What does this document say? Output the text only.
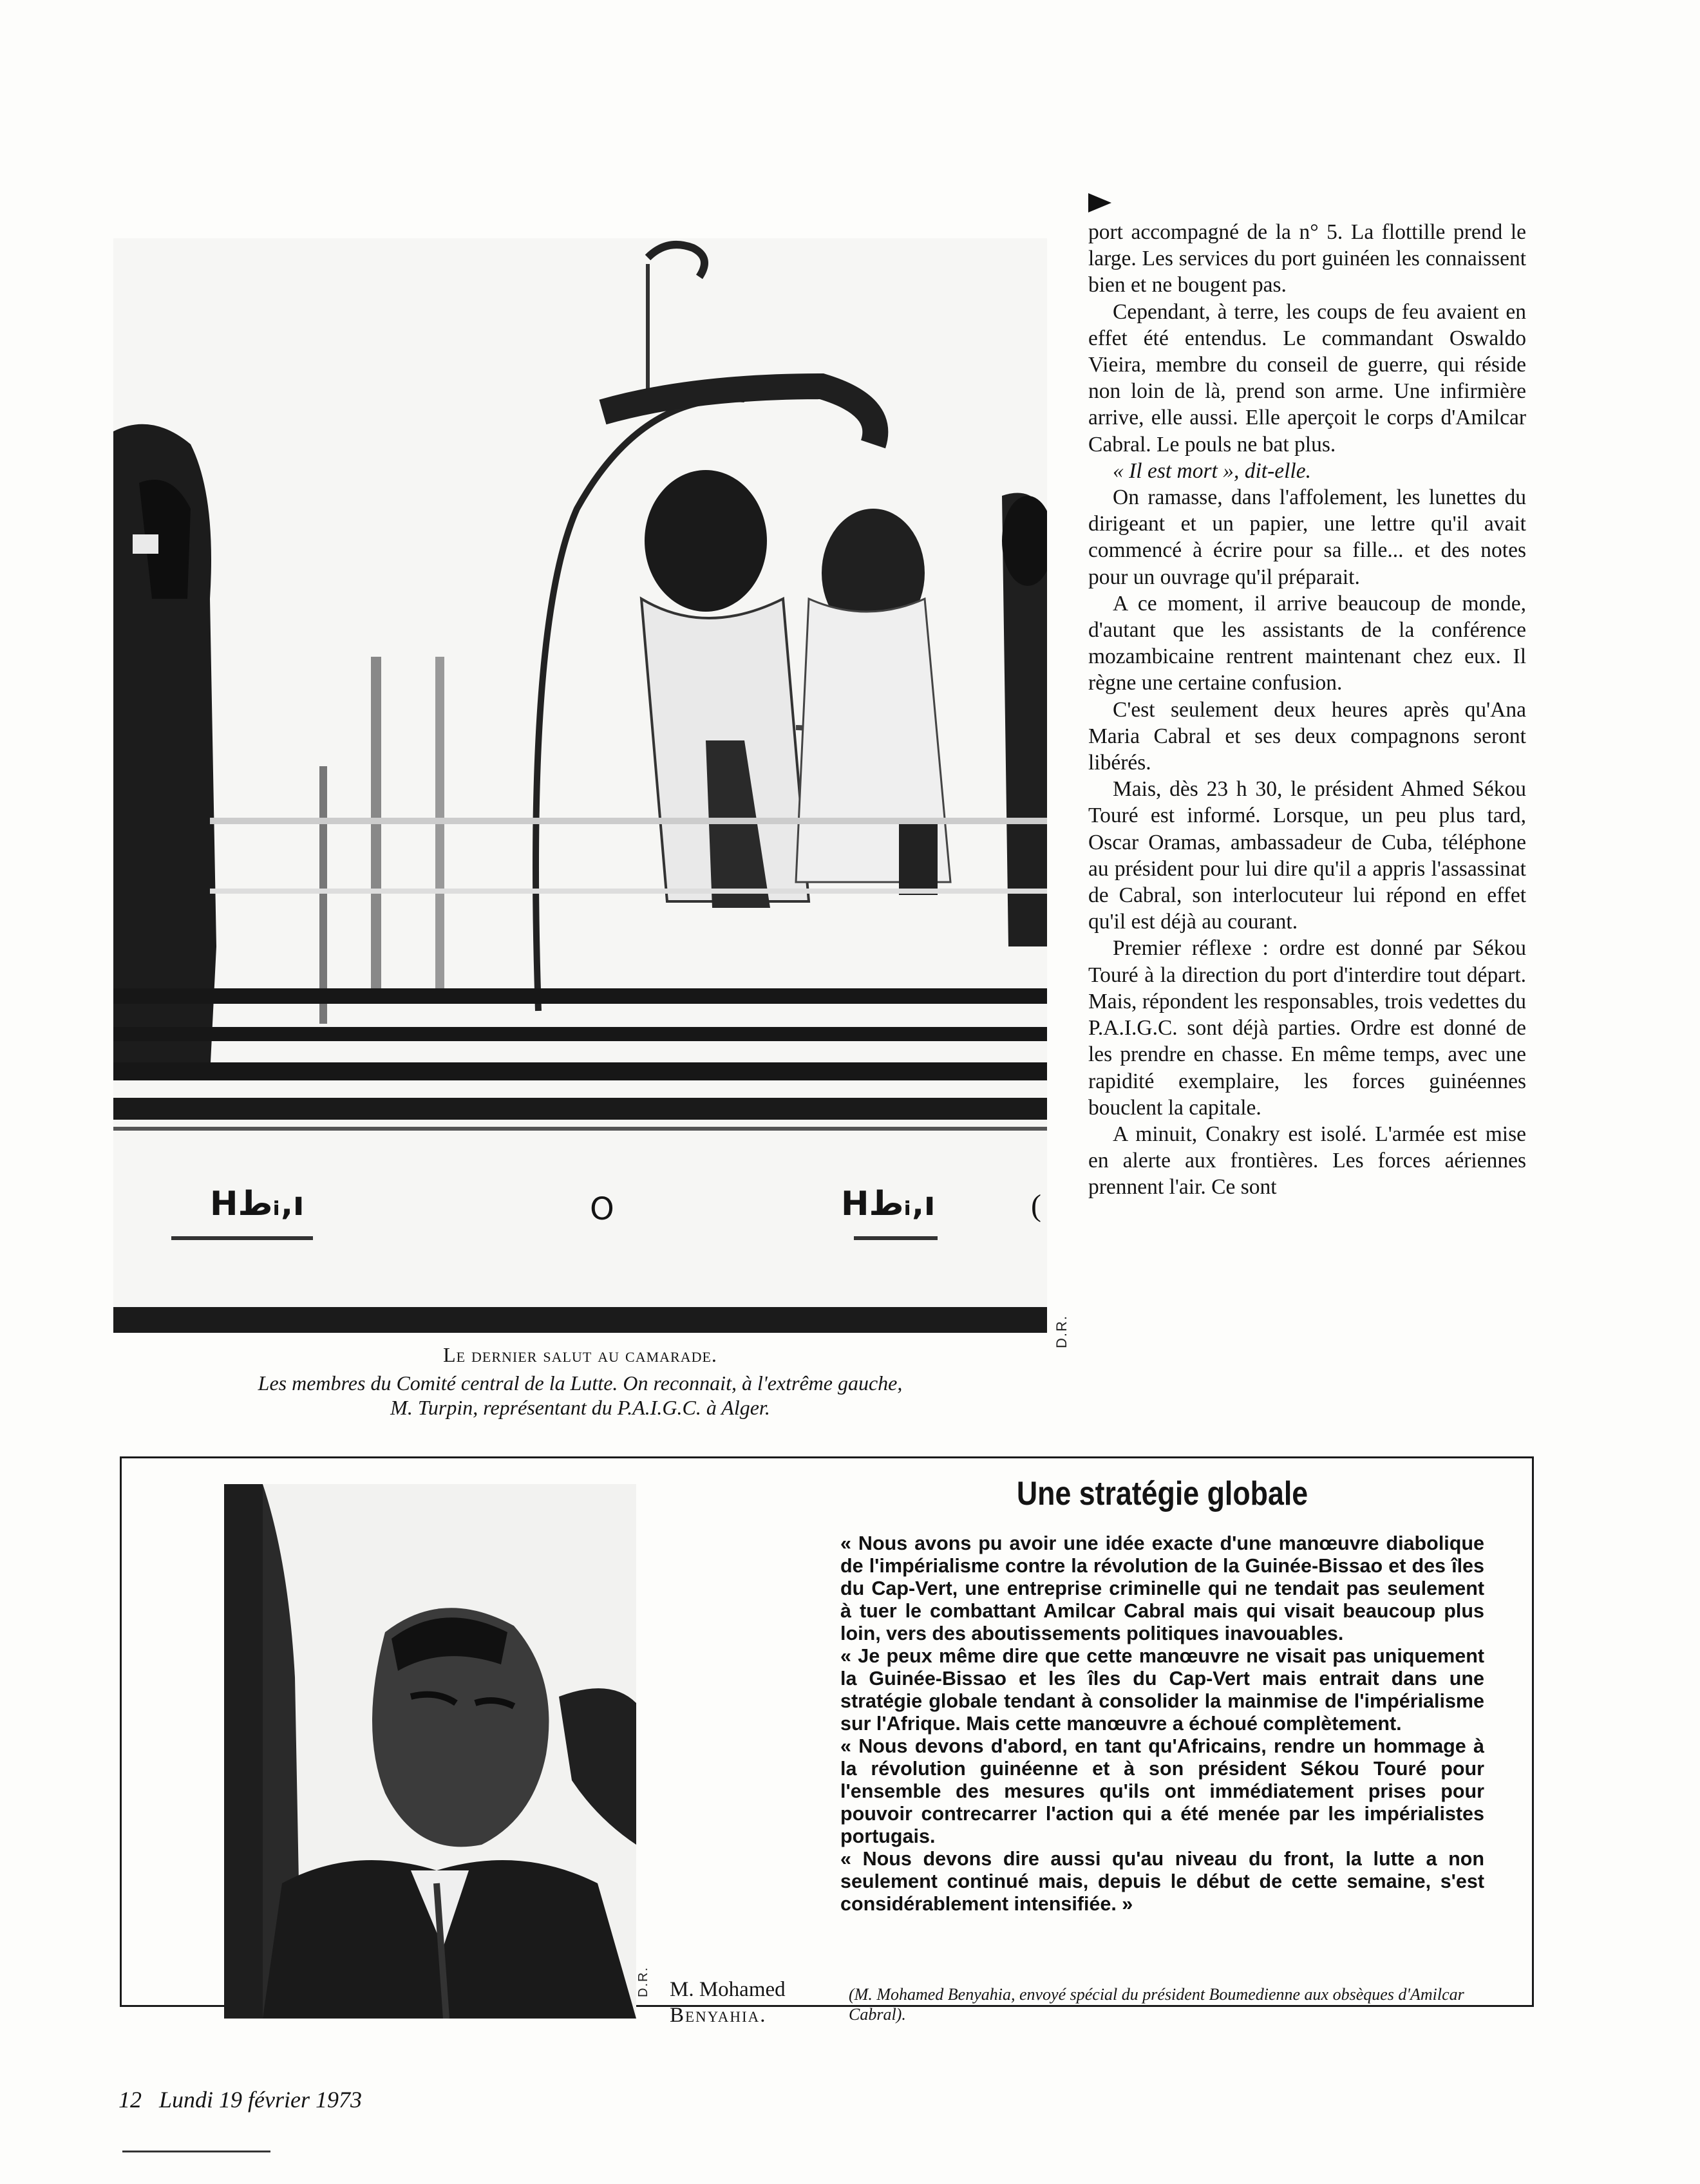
Hطᵢ‚ı	O	Hطᵢ‚ı	(
D.R.
Le dernier salut au camarade.
Les membres du Comité central de la Lutte. On reconnait, à l'extrême gauche,
M. Turpin, représentant du P.A.I.G.C. à Alger.

port accompagné de la n° 5. La flottille prend le large. Les services du port guinéen les connaissent bien et ne bougent pas.

Cependant, à terre, les coups de feu avaient en effet été entendus. Le commandant Oswaldo Vieira, membre du conseil de guerre, qui réside non loin de là, prend son arme. Une infirmière arrive, elle aussi. Elle aperçoit le corps d'Amilcar Cabral. Le pouls ne bat plus.

« Il est mort », dit-elle.

On ramasse, dans l'affolement, les lunettes du dirigeant et un papier, une lettre qu'il avait commencé à écrire pour sa fille... et des notes pour un ouvrage qu'il préparait.

A ce moment, il arrive beaucoup de monde, d'autant que les assistants de la conférence mozambicaine rentrent maintenant chez eux. Il règne une certaine confusion.

C'est seulement deux heures après qu'Ana Maria Cabral et ses deux compagnons seront libérés.

Mais, dès 23 h 30, le président Ahmed Sékou Touré est informé. Lorsque, un peu plus tard, Oscar Oramas, ambassadeur de Cuba, téléphone au président pour lui dire qu'il a appris l'assassinat de Cabral, son interlocuteur lui répond en effet qu'il est déjà au courant.

Premier réflexe : ordre est donné par Sékou Touré à la direction du port d'interdire tout départ. Mais, répondent les responsables, trois vedettes du P.A.I.G.C. sont déjà parties. Ordre est donné de les prendre en chasse. En même temps, avec une rapidité exemplaire, les forces guinéennes bouclent la capitale.

A minuit, Conakry est isolé. L'armée est mise en alerte aux frontières. Les forces aériennes prennent l'air. Ce sont

D.R. M. Mohamed
Benyahia.
Une stratégie globale

« Nous avons pu avoir une idée exacte d'une manœuvre diabolique de l'impérialisme contre la révolution de la Guinée-Bissao et des îles du Cap-Vert, une entreprise criminelle qui ne tendait pas seulement à tuer le combattant Amilcar Cabral mais qui visait beaucoup plus loin, vers des aboutissements politiques inavouables.

« Je peux même dire que cette manœuvre ne visait pas uniquement la Guinée-Bissao et les îles du Cap-Vert mais entrait dans une stratégie globale tendant à consolider la mainmise de l'impérialisme sur l'Afrique. Mais cette manœuvre a échoué complètement.

« Nous devons d'abord, en tant qu'Africains, rendre un hommage à la révolution guinéenne et à son président Sékou Touré pour l'ensemble des mesures qu'ils ont immédiatement prises pour pouvoir contrecarrer l'action qui a été menée par les impérialistes portugais.

« Nous devons dire aussi qu'au niveau du front, la lutte a non seulement continué mais, depuis le début de cette semaine, s'est considérablement intensifiée. »

(M. Mohamed Benyahia, envoyé spécial du président Boumedienne aux obsèques d'Amilcar Cabral).
12 Lundi 19 février 1973
